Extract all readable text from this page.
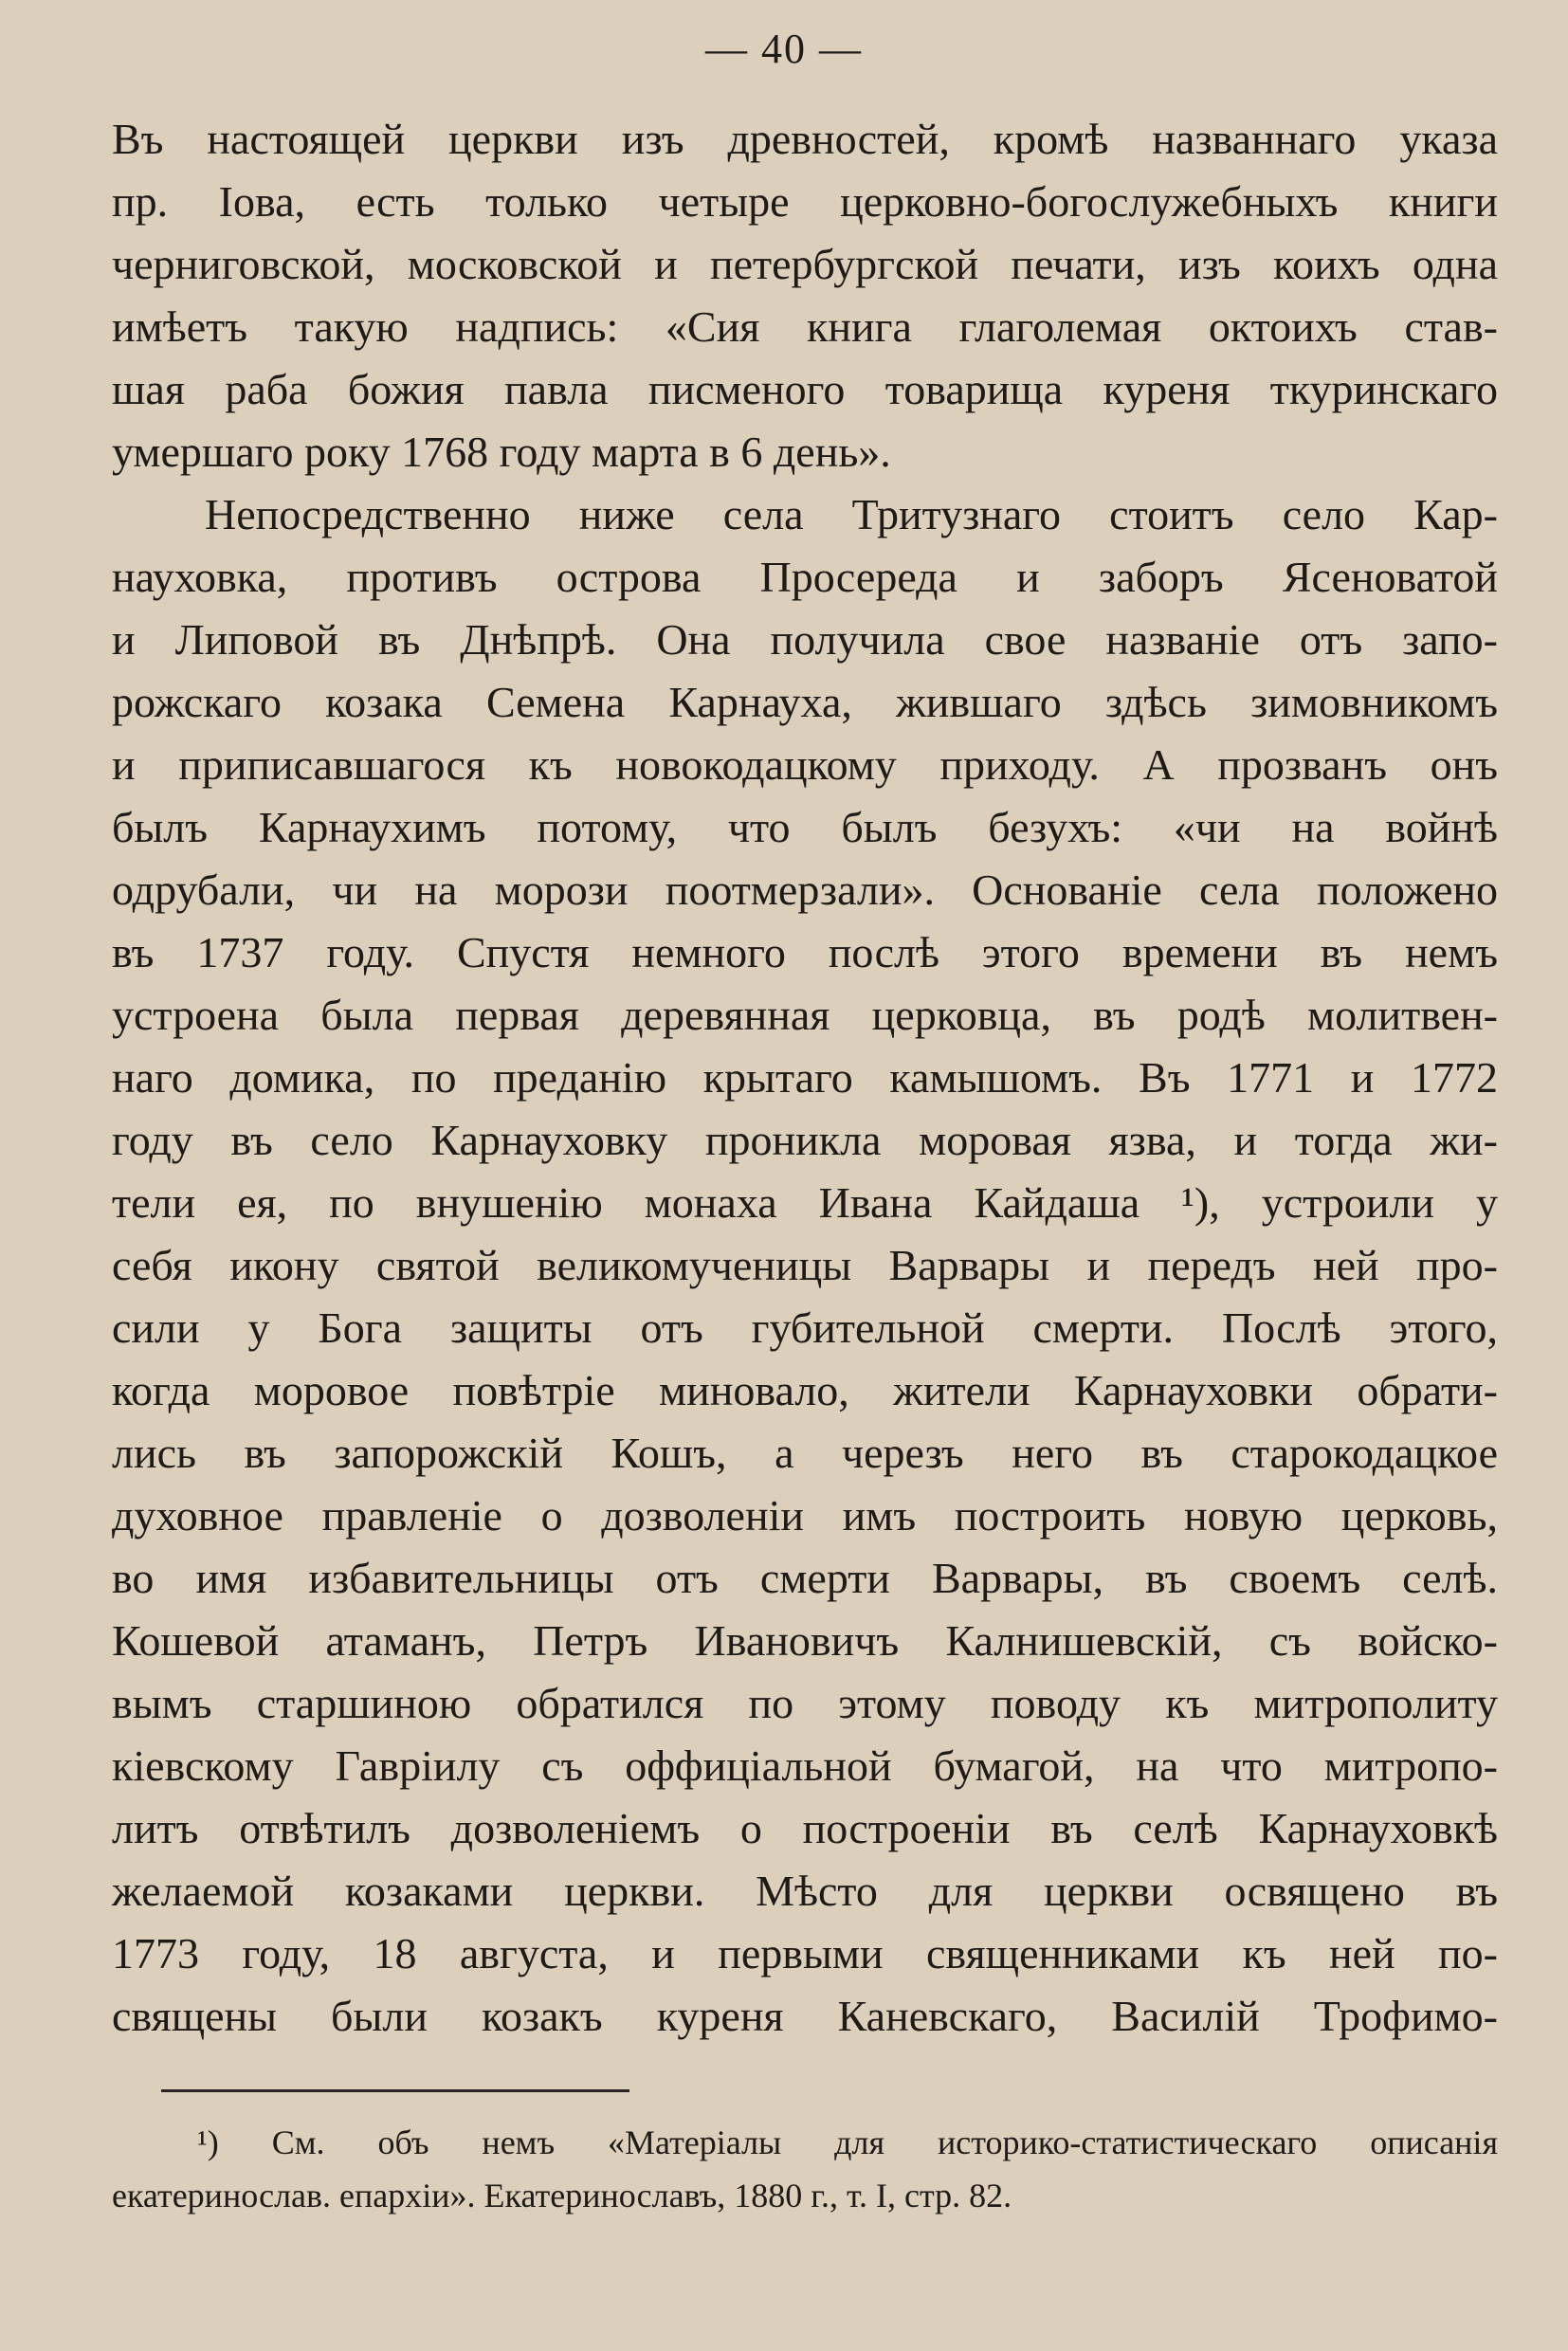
— 40 —
Въ настоящей церкви изъ древностей, кромѣ названнаго указа
пр. Іова, есть только четыре церковно-богослужебныхъ книги
черниговской, московской и петербургской печати, изъ коихъ одна
имѣетъ такую надпись: «Сия книга глаголемая октоихъ став-
шая раба божия павла писменого товарища куреня ткуринскаго
умершаго року 1768 году марта в 6 день».
Непосредственно ниже села Тритузнаго стоитъ село Кар-
науховка, противъ острова Просереда и заборъ Ясеноватой
и Липовой въ Днѣпрѣ. Она получила свое названіе отъ запо-
рожскаго козака Семена Карнауха, жившаго здѣсь зимовникомъ
и приписавшагося къ новокодацкому приходу. А прозванъ онъ
былъ Карнаухимъ потому, что былъ безухъ: «чи на войнѣ
одрубали, чи на морози поотмерзали». Основаніе села положено
въ 1737 году. Спустя немного послѣ этого времени въ немъ
устроена была первая деревянная церковца, въ родѣ молитвен-
наго домика, по преданію крытаго камышомъ. Въ 1771 и 1772
году въ село Карнауховку проникла моровая язва, и тогда жи-
тели ея, по внушенію монаха Ивана Кайдаша ¹), устроили у
себя икону святой великомученицы Варвары и передъ ней про-
сили у Бога защиты отъ губительной смерти. Послѣ этого,
когда моровое повѣтріе миновало, жители Карнауховки обрати-
лись въ запорожскій Кошъ, а черезъ него въ старокодацкое
духовное правленіе о дозволеніи имъ построить новую церковь,
во имя избавительницы отъ смерти Варвары, въ своемъ селѣ.
Кошевой атаманъ, Петръ Ивановичъ Калнишевскій, съ войско-
вымъ старшиною обратился по этому поводу къ митрополиту
кіевскому Гавріилу съ оффиціальной бумагой, на что митропо-
литъ отвѣтилъ дозволеніемъ о построеніи въ селѣ Карнауховкѣ
желаемой козаками церкви. Мѣсто для церкви освящено въ
1773 году, 18 августа, и первыми священниками къ ней по-
священы были козакъ куреня Каневскаго, Василій Трофимо-
¹) См. объ немъ «Матеріалы для историко-статистическаго описанія
екатеринослав. епархіи». Екатеринославъ, 1880 г., т. I, стр. 82.
